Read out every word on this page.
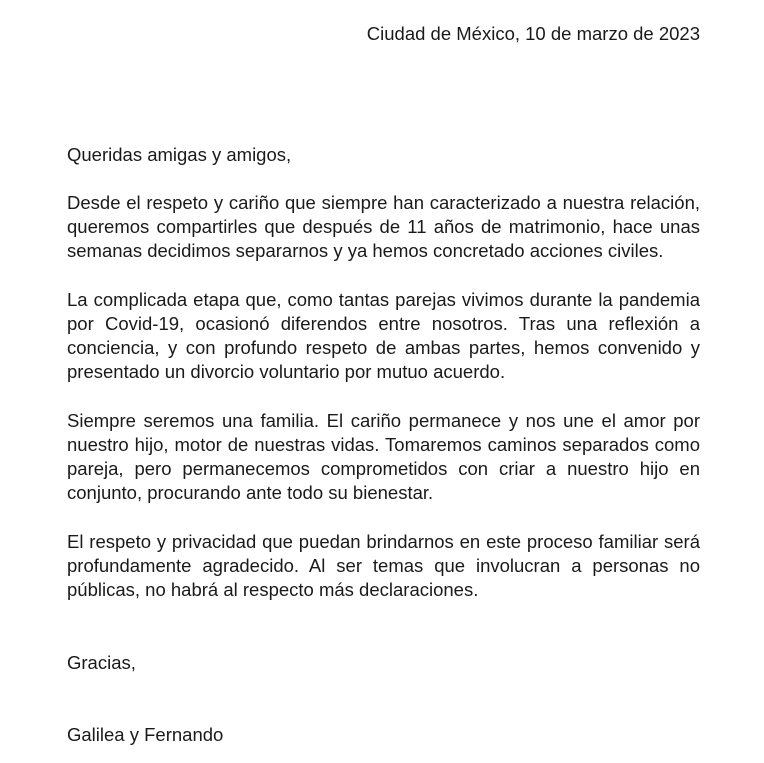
Ciudad de México, 10 de marzo de 2023

Queridas amigas y amigos,

Desde el respeto y cariño que siempre han caracterizado a nuestra relación, queremos compartirles que después de 11 años de matrimonio, hace unas semanas decidimos separarnos y ya hemos concretado acciones civiles.

La complicada etapa que, como tantas parejas vivimos durante la pandemia por Covid-19, ocasionó diferendos entre nosotros. Tras una reflexión a conciencia, y con profundo respeto de ambas partes, hemos convenido y presentado un divorcio voluntario por mutuo acuerdo.

Siempre seremos una familia. El cariño permanece y nos une el amor por nuestro hijo, motor de nuestras vidas. Tomaremos caminos separados como pareja, pero permanecemos comprometidos con criar a nuestro hijo en conjunto, procurando ante todo su bienestar.

El respeto y privacidad que puedan brindarnos en este proceso familiar será profundamente agradecido. Al ser temas que involucran a personas no públicas, no habrá al respecto más declaraciones.

Gracias,

Galilea y Fernando
